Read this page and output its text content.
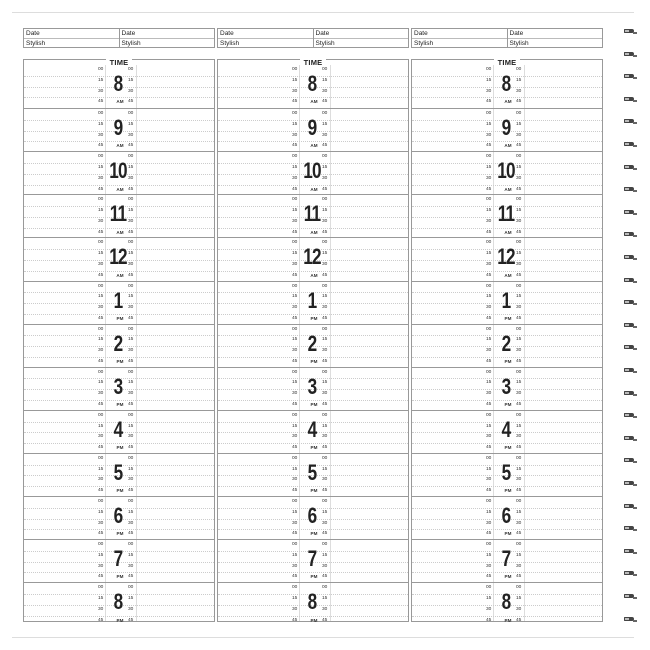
Date
Stylish
Date
Stylish
Date
Stylish
Date
Stylish
Date
Stylish
Date
Stylish
TIME
00
15
30
45
00
15
30
45
8
AM
00
15
30
45
00
15
30
45
9
AM
00
15
30
45
00
15
30
45
10
AM
00
15
30
45
00
15
30
45
11
AM
00
15
30
45
00
15
30
45
12
AM
00
15
30
45
00
15
30
45
1
PM
00
15
30
45
00
15
30
45
2
PM
00
15
30
45
00
15
30
45
3
PM
00
15
30
45
00
15
30
45
4
PM
00
15
30
45
00
15
30
45
5
PM
00
15
30
45
00
15
30
45
6
PM
00
15
30
45
00
15
30
45
7
PM
00
15
30
45
00
15
30
45
8
PM
TIME
00
15
30
45
00
15
30
45
8
AM
00
15
30
45
00
15
30
45
9
AM
00
15
30
45
00
15
30
45
10
AM
00
15
30
45
00
15
30
45
11
AM
00
15
30
45
00
15
30
45
12
AM
00
15
30
45
00
15
30
45
1
PM
00
15
30
45
00
15
30
45
2
PM
00
15
30
45
00
15
30
45
3
PM
00
15
30
45
00
15
30
45
4
PM
00
15
30
45
00
15
30
45
5
PM
00
15
30
45
00
15
30
45
6
PM
00
15
30
45
00
15
30
45
7
PM
00
15
30
45
00
15
30
45
8
PM
TIME
00
15
30
45
00
15
30
45
8
AM
00
15
30
45
00
15
30
45
9
AM
00
15
30
45
00
15
30
45
10
AM
00
15
30
45
00
15
30
45
11
AM
00
15
30
45
00
15
30
45
12
AM
00
15
30
45
00
15
30
45
1
PM
00
15
30
45
00
15
30
45
2
PM
00
15
30
45
00
15
30
45
3
PM
00
15
30
45
00
15
30
45
4
PM
00
15
30
45
00
15
30
45
5
PM
00
15
30
45
00
15
30
45
6
PM
00
15
30
45
00
15
30
45
7
PM
00
15
30
45
00
15
30
45
8
PM
